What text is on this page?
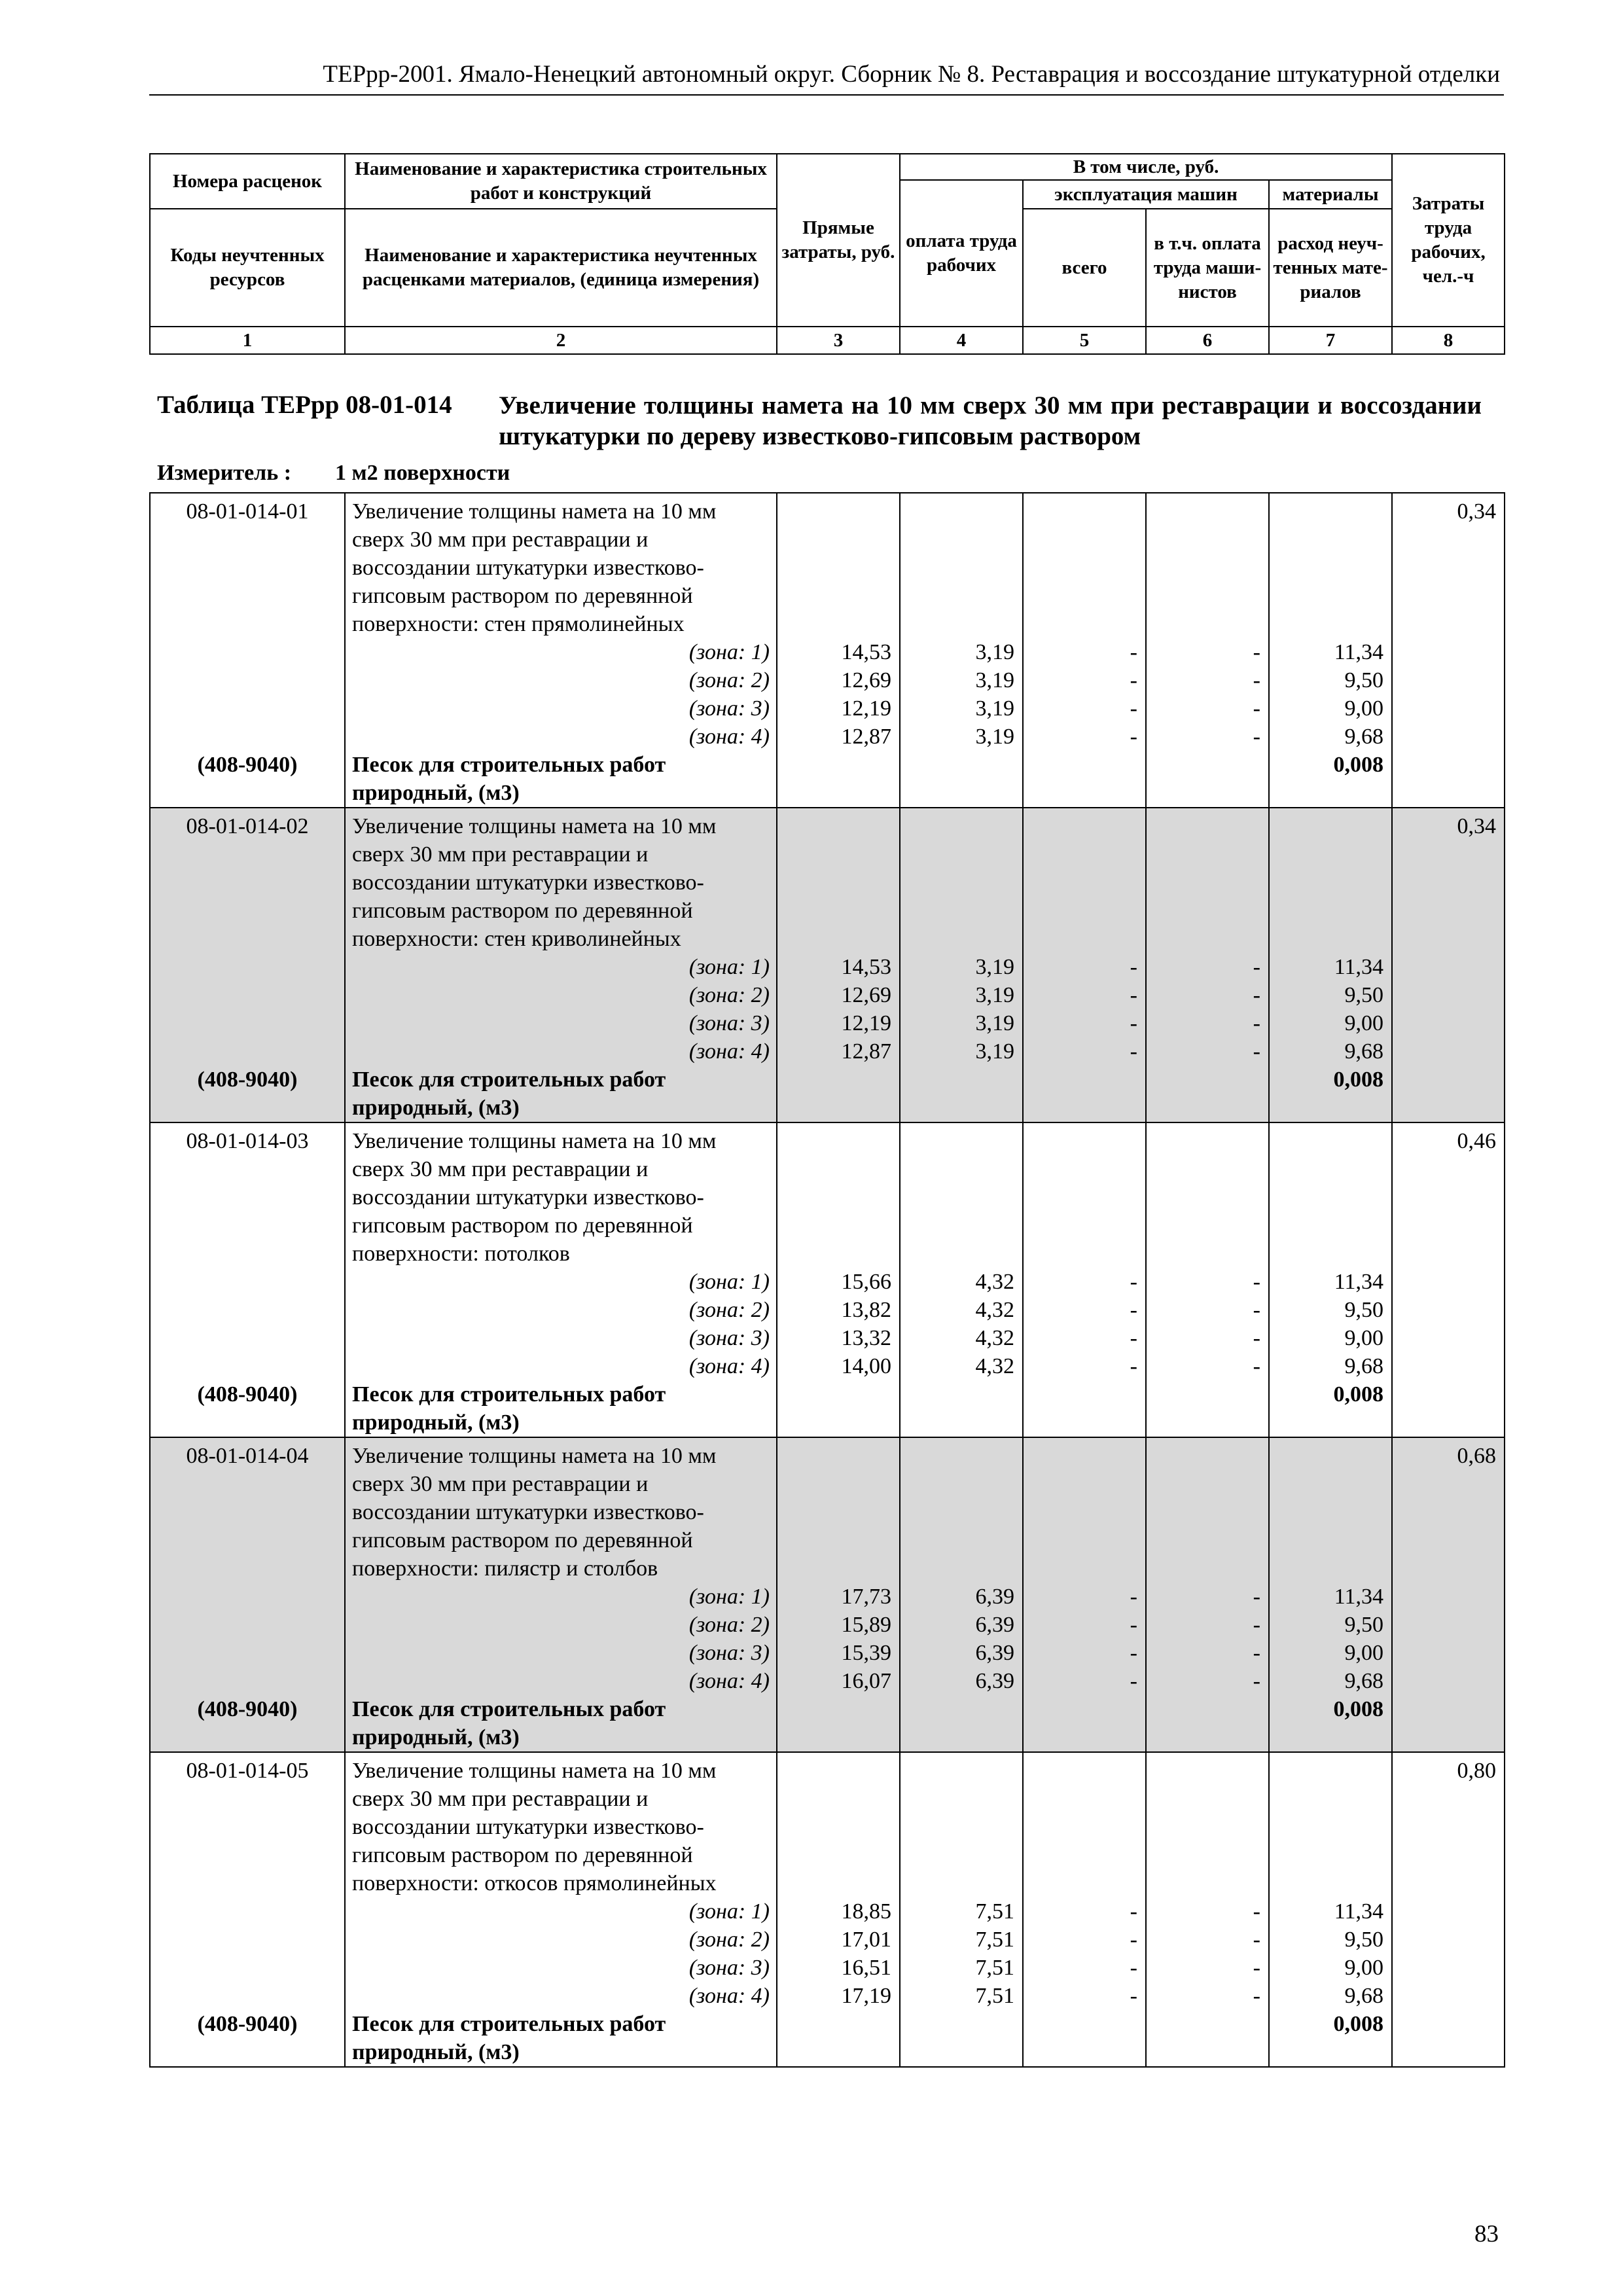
ТЕРрр-2001. Ямало-Ненецкий автономный округ. Сборник № 8. Реставрация и воссоздание штукатурной отделки
Номера расценок	Наименование и характеристика строительных работ и конструкций	Прямые затраты, руб.	В том числе, руб.				Затраты труда рабочих, чел.-ч
			оплата труда рабочих	эксплуатация машин		материалы	
Коды неучтенных ресурсов	Наименование и характеристика неучтенных расценками материалов, (единица измерения)			всего	в т.ч. оплата труда маши- нистов	расход неуч- тенных мате- риалов	

1	2	3	4	5	6	7	8
Таблица ТЕРрр 08-01-014 Увеличение толщины намета на 10 мм сверх 30 мм при реставрации и воссоздании штукатурки по дереву известково-гипсовым раствором
Измеритель : 1 м2 поверхности
08-01-014-01	Увеличение толщины намета на 10 мм сверх 30 мм при реставрации и воссоздании штукатурки известково-гипсовым раствором по деревянной поверхности: стен прямолинейных						0,34
	(зона: 1)	14,53	3,19	-	-	11,34	
	(зона: 2)	12,69	3,19	-	-	9,50	
	(зона: 3)	12,19	3,19	-	-	9,00	
	(зона: 4)	12,87	3,19	-	-	9,68	
(408-9040)	Песок для строительных работ природный, (м3)					0,008	
08-01-014-02	Увеличение толщины намета на 10 мм сверх 30 мм при реставрации и воссоздании штукатурки известково-гипсовым раствором по деревянной поверхности: стен криволинейных						0,34
	(зона: 1)	14,53	3,19	-	-	11,34	
	(зона: 2)	12,69	3,19	-	-	9,50	
	(зона: 3)	12,19	3,19	-	-	9,00	
	(зона: 4)	12,87	3,19	-	-	9,68	
(408-9040)	Песок для строительных работ природный, (м3)					0,008	
08-01-014-03	Увеличение толщины намета на 10 мм сверх 30 мм при реставрации и воссоздании штукатурки известково-гипсовым раствором по деревянной поверхности: потолков						0,46
	(зона: 1)	15,66	4,32	-	-	11,34	
	(зона: 2)	13,82	4,32	-	-	9,50	
	(зона: 3)	13,32	4,32	-	-	9,00	
	(зона: 4)	14,00	4,32	-	-	9,68	
(408-9040)	Песок для строительных работ природный, (м3)					0,008	
08-01-014-04	Увеличение толщины намета на 10 мм сверх 30 мм при реставрации и воссоздании штукатурки известково-гипсовым раствором по деревянной поверхности: пилястр и столбов						0,68
	(зона: 1)	17,73	6,39	-	-	11,34	
	(зона: 2)	15,89	6,39	-	-	9,50	
	(зона: 3)	15,39	6,39	-	-	9,00	
	(зона: 4)	16,07	6,39	-	-	9,68	
(408-9040)	Песок для строительных работ природный, (м3)					0,008	
08-01-014-05	Увеличение толщины намета на 10 мм сверх 30 мм при реставрации и воссоздании штукатурки известково-гипсовым раствором по деревянной поверхности: откосов прямолинейных						0,80
	(зона: 1)	18,85	7,51	-	-	11,34	
	(зона: 2)	17,01	7,51	-	-	9,50	
	(зона: 3)	16,51	7,51	-	-	9,00	
	(зона: 4)	17,19	7,51	-	-	9,68	
(408-9040)	Песок для строительных работ природный, (м3)					0,008	
83
